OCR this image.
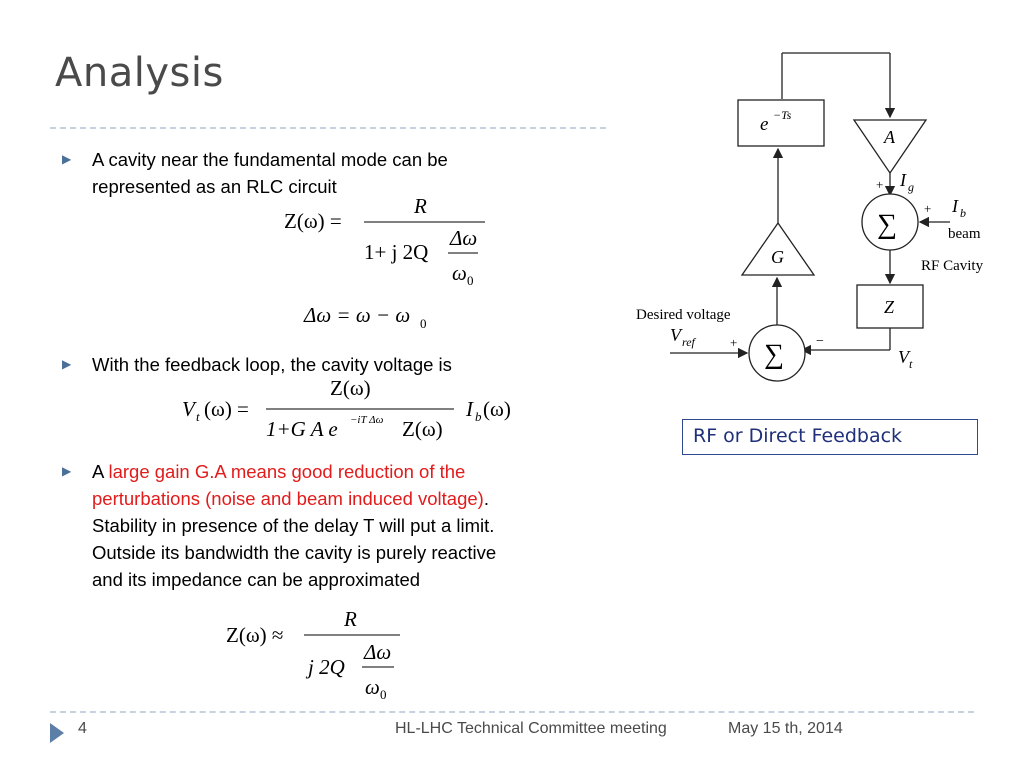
Analysis
▶ A cavity near the fundamental mode can be
represented as an RLC circuit
Z(ω) =
R
1+ j 2Q
Δω
ω 0
Δω = ω − ω 0
▶ With the feedback loop, the cavity voltage is
V t (ω) =
Z(ω)
1+G A e −iT Δω Z(ω)
I b (ω)
▶ A large gain G.A means good reduction of the
perturbations (noise and beam induced voltage).
Stability in presence of the delay T will put a limit.
Outside its bandwidth the cavity is purely reactive
and its impedance can be approximated
Z(ω) ≈
R
j 2Q
Δω
ω 0
e −Ts
A
+ I g
∑
+ I b
beam
RF Cavity
Z
V t
−
∑
+
Desired voltage
V ref
G
RF or Direct Feedback
4	HL-LHC Technical Committee meeting	May 15 th, 2014
